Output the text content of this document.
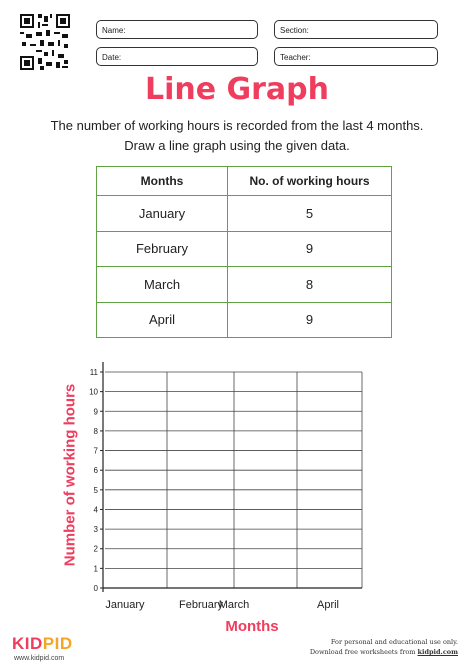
Name:	Section:
Date:	Teacher:
Line Graph
The number of working hours is recorded from the last 4 months.
Draw a line graph using the given data.
Months	No. of working hours
January	5
February	9
March	8
April	9
0
1
2
3
4
5
6
7
8
9
10
11
January	February
March	April
Number of working hours
Months
KIDPID
www.kidpid.com
For personal and educational use only.
Download free worksheets from kidpid.com
